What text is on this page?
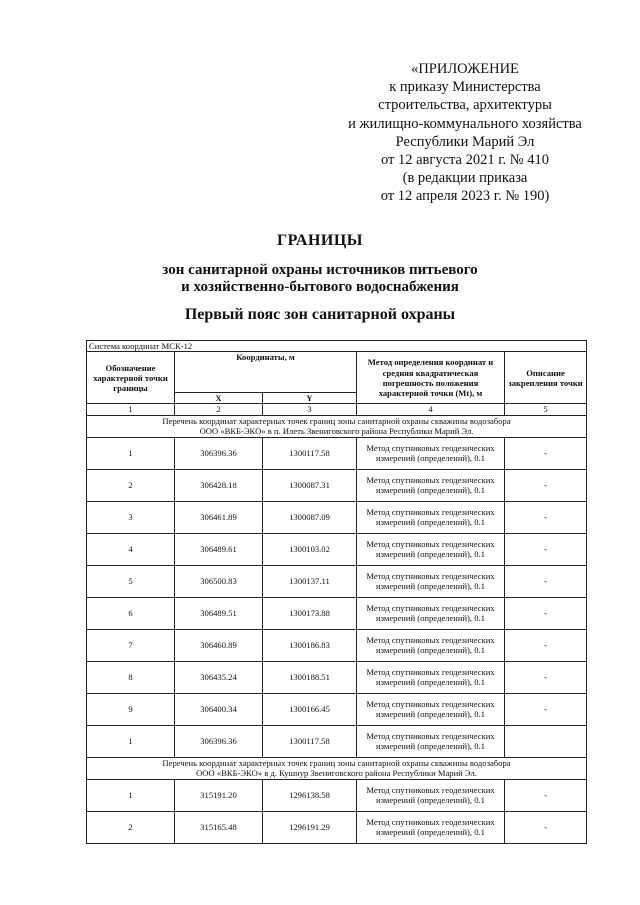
«ПРИЛОЖЕНИЕ
к приказу Министерства
строительства, архитектуры
и жилищно-коммунального хозяйства
Республики Марий Эл
от 12 августа 2021 г. № 410
(в редакции приказа
от 12 апреля 2023 г. № 190)
ГРАНИЦЫ
зон санитарной охраны источников питьевого
и хозяйственно-бытового водоснабжения
Первый пояс зон санитарной охраны
Система координат МСК-12				
Обозначение характерной точки границы	Координаты, м		Метод определения координат и средняя квадратическая погрешность положения характерной точки (Mt), м	Описание закрепления точки
	X	Y		
1	2	3	4	5

Перечень координат характерных точек границ зоны санитарной охраны скважины водозабора
ООО «ВКБ-ЭКО» в п. Илеть Звениговского района Республики Марий Эл.				

1	306396.36	1300117.58	Метод спутниковых геодезических измерений (определений), 0.1	-
2	306428.18	1300087.31	Метод спутниковых геодезических измерений (определений), 0.1	-
3	306461.89	1300087.09	Метод спутниковых геодезических измерений (определений), 0.1	-
4	306489.61	1300103.02	Метод спутниковых геодезических измерений (определений), 0.1	-
5	306500.83	1300137.11	Метод спутниковых геодезических измерений (определений), 0.1	-
6	306489.51	1300173.88	Метод спутниковых геодезических измерений (определений), 0.1	-
7	306460.89	1300186.83	Метод спутниковых геодезических измерений (определений), 0.1	-
8	306435.24	1300188.51	Метод спутниковых геодезических измерений (определений), 0.1	-
9	306400.34	1300166.45	Метод спутниковых геодезических измерений (определений), 0.1	-
1	306396.36	1300117.58	Метод спутниковых геодезических измерений (определений), 0.1	

Перечень координат характерных точек границ зоны санитарной охраны скважины водозабора
ООО «ВКБ-ЭКО» в д. Кушнур Звениговского района Республики Марий Эл.				

1	315191.20	1296138.58	Метод спутниковых геодезических измерений (определений), 0.1	-
2	315165.48	1296191.29	Метод спутниковых геодезических измерений (определений), 0.1	-
